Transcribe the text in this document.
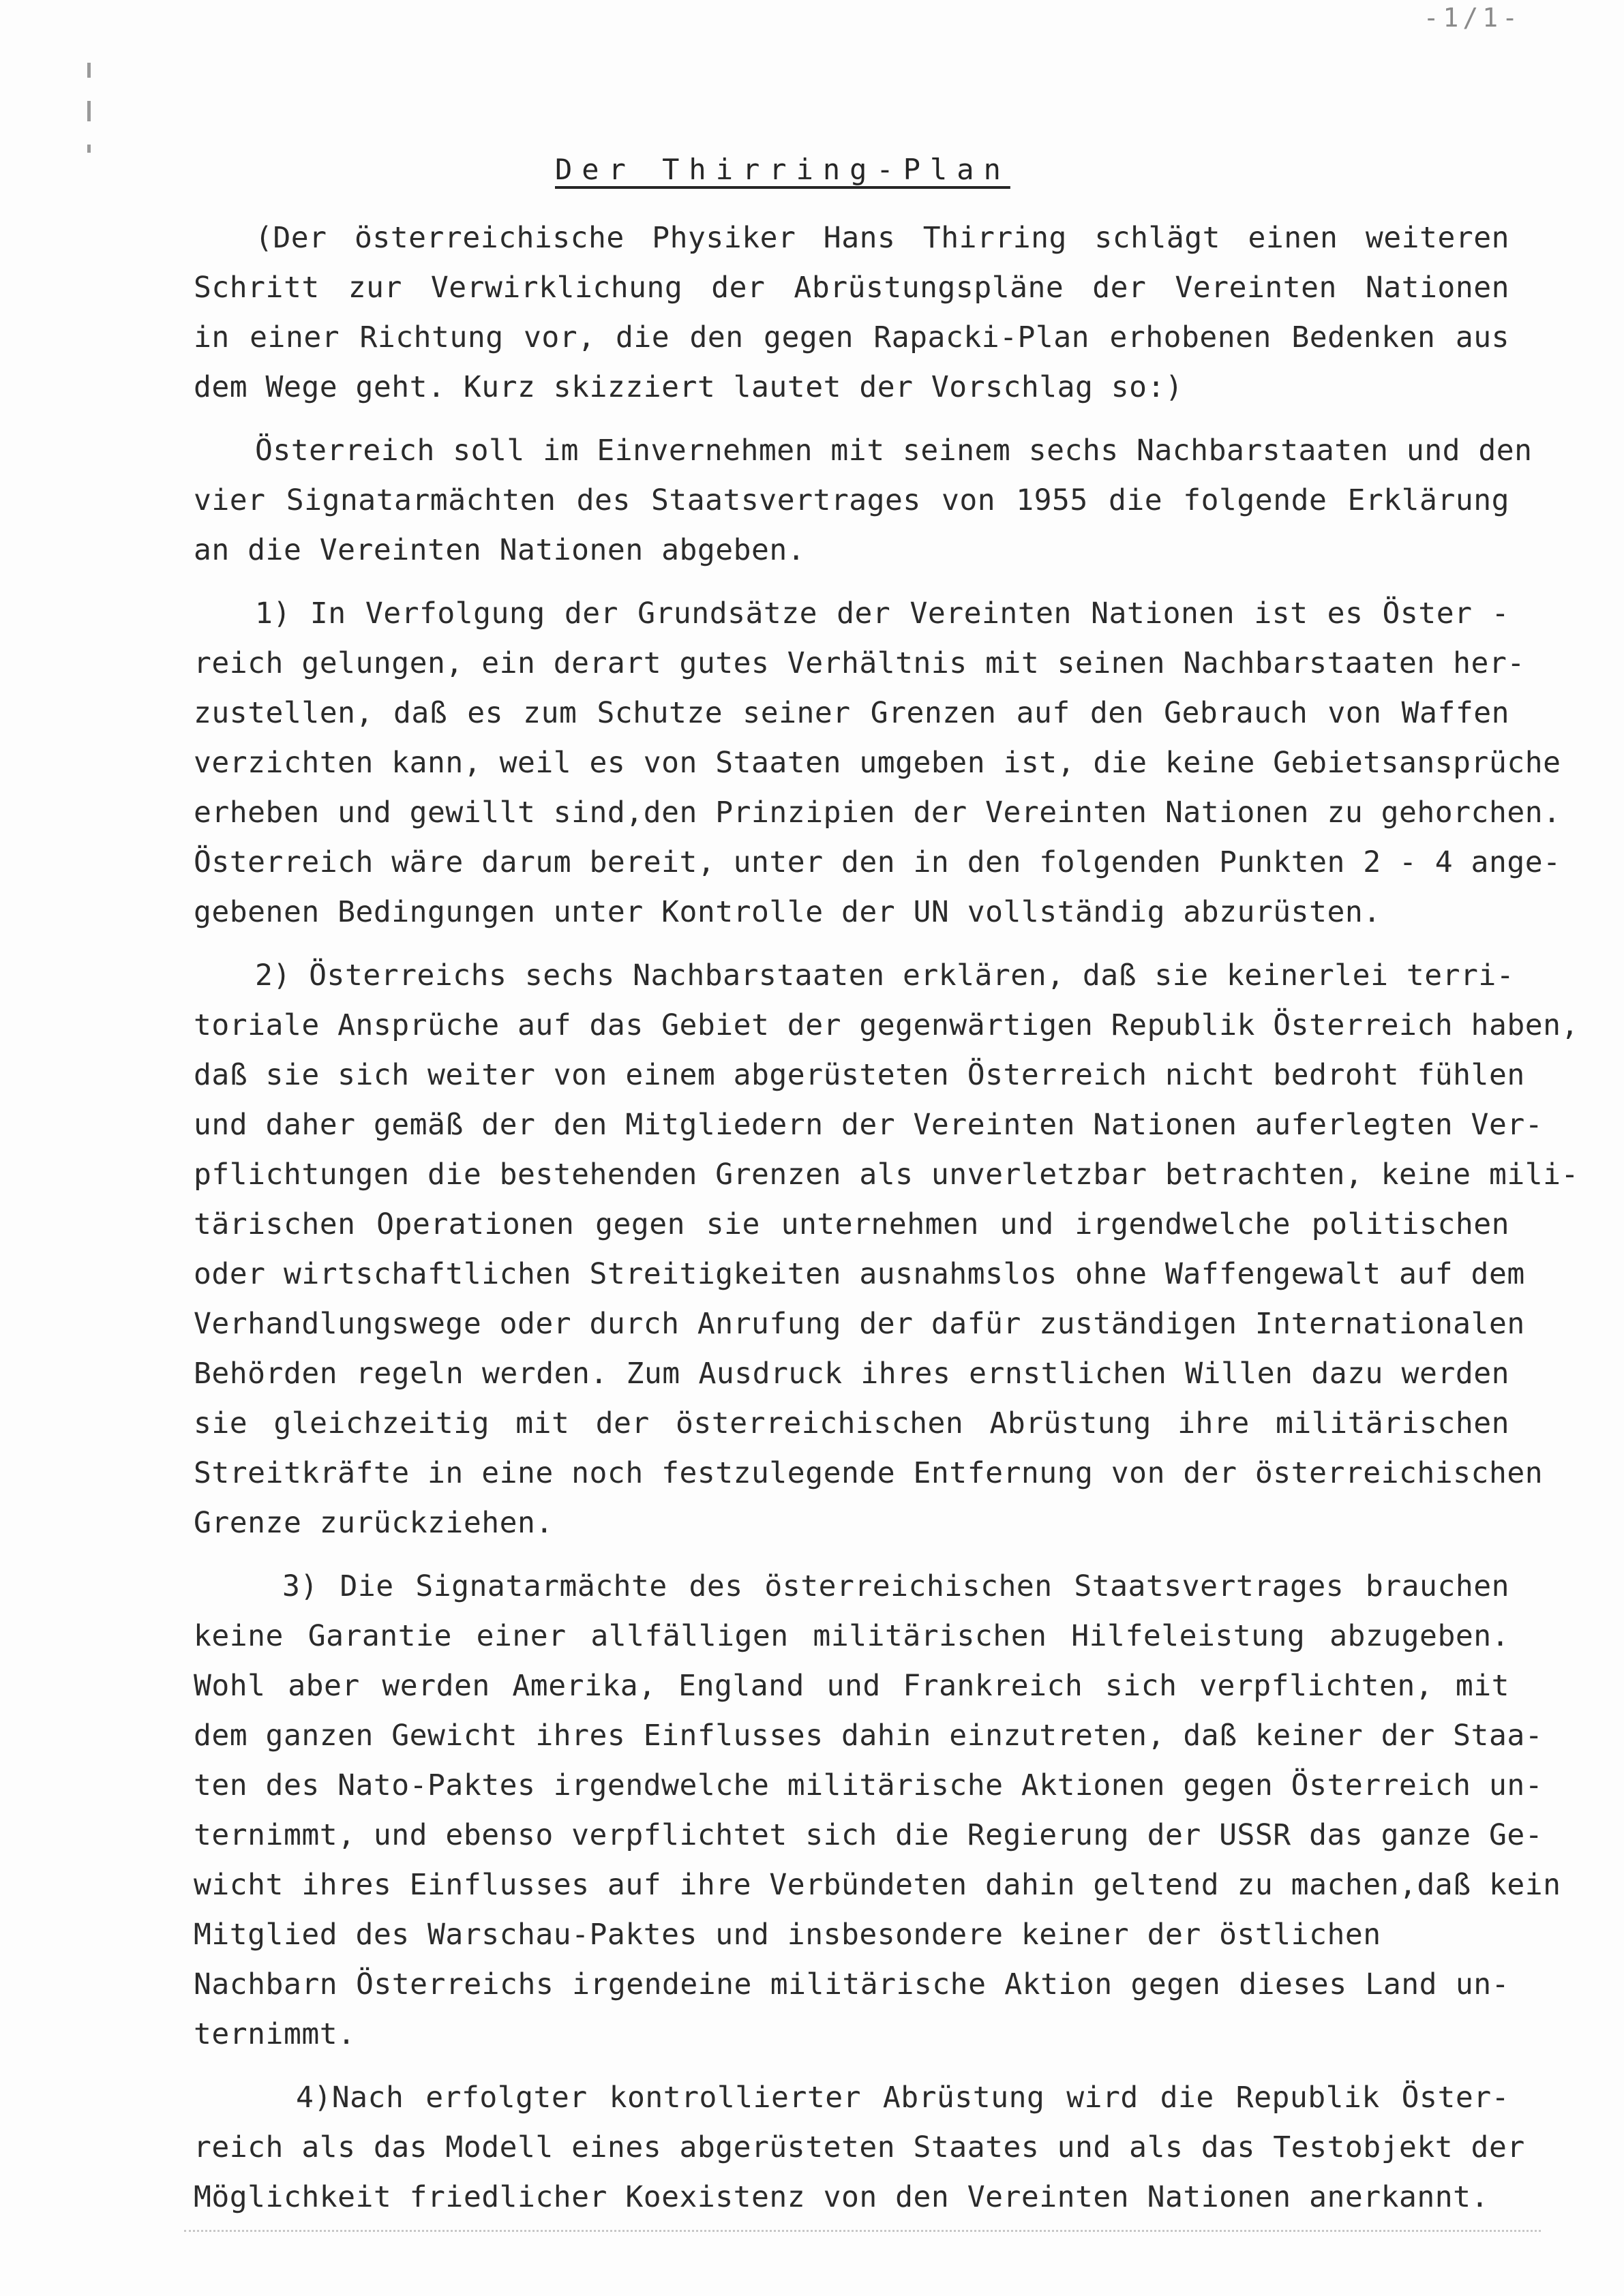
-1/1-
Der Thirring-Plan
(Der österreichische Physiker Hans Thirring schlägt einen weiteren
Schritt zur Verwirklichung der Abrüstungspläne der Vereinten Nationen
in einer Richtung vor, die den gegen Rapacki-Plan erhobenen Bedenken aus
dem Wege geht. Kurz skizziert lautet der Vorschlag so:)
Österreich soll im Einvernehmen mit seinem sechs Nachbarstaaten und den
vier Signatarmächten des Staatsvertrages von 1955 die folgende Erklärung
an die Vereinten Nationen abgeben.
1) In Verfolgung der Grundsätze der Vereinten Nationen ist es Öster -
reich gelungen, ein derart gutes Verhältnis mit seinen Nachbarstaaten her-
zustellen, daß es zum Schutze seiner Grenzen auf den Gebrauch von Waffen
verzichten kann, weil es von Staaten umgeben ist, die keine Gebietsansprüche
erheben und gewillt sind,den Prinzipien der Vereinten Nationen zu gehorchen.
Österreich wäre darum bereit, unter den in den folgenden Punkten 2 - 4 ange-
gebenen Bedingungen unter Kontrolle der UN vollständig abzurüsten.
2) Österreichs sechs Nachbarstaaten erklären, daß sie keinerlei terri-
toriale Ansprüche auf das Gebiet der gegenwärtigen Republik Österreich haben,
daß sie sich weiter von einem abgerüsteten Österreich nicht bedroht fühlen
und daher gemäß der den Mitgliedern der Vereinten Nationen auferlegten Ver-
pflichtungen die bestehenden Grenzen als unverletzbar betrachten, keine mili-
tärischen Operationen gegen sie unternehmen und irgendwelche politischen
oder wirtschaftlichen Streitigkeiten ausnahmslos ohne Waffengewalt auf dem
Verhandlungswege oder durch Anrufung der dafür zuständigen Internationalen
Behörden regeln werden. Zum Ausdruck ihres ernstlichen Willen dazu werden
sie gleichzeitig mit der österreichischen Abrüstung ihre militärischen
Streitkräfte in eine noch festzulegende Entfernung von der österreichischen
Grenze zurückziehen.
3) Die Signatarmächte des österreichischen Staatsvertrages brauchen
keine Garantie einer allfälligen militärischen Hilfeleistung abzugeben.
Wohl aber werden Amerika, England und Frankreich sich verpflichten, mit
dem ganzen Gewicht ihres Einflusses dahin einzutreten, daß keiner der Staa-
ten des Nato-Paktes irgendwelche militärische Aktionen gegen Österreich un-
ternimmt, und ebenso verpflichtet sich die Regierung der USSR das ganze Ge-
wicht ihres Einflusses auf ihre Verbündeten dahin geltend zu machen,daß kein
Mitglied des Warschau-Paktes und insbesondere keiner der östlichen
Nachbarn Österreichs irgendeine militärische Aktion gegen dieses Land un-
ternimmt.
4)Nach erfolgter kontrollierter Abrüstung wird die Republik Öster-
reich als das Modell eines abgerüsteten Staates und als das Testobjekt der
Möglichkeit friedlicher Koexistenz von den Vereinten Nationen anerkannt.
